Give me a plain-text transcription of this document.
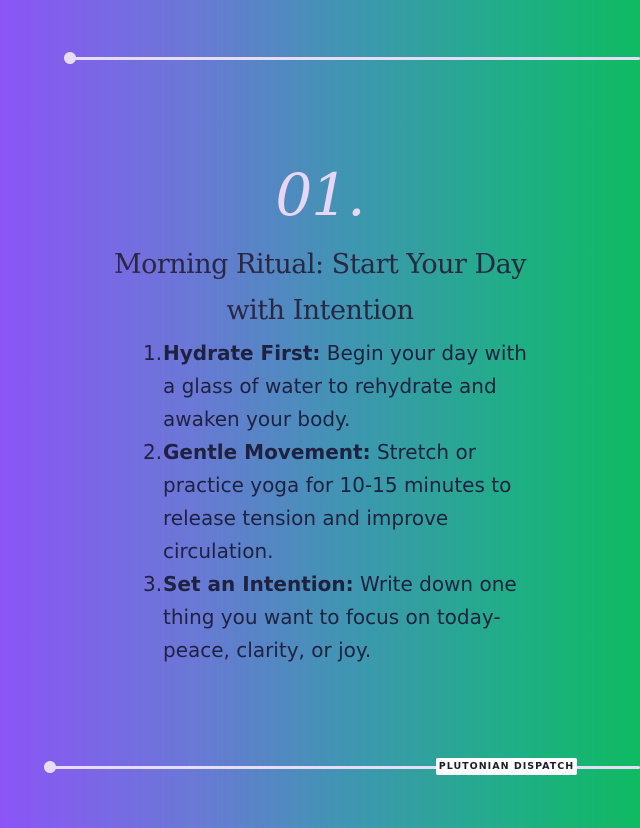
01.
Morning Ritual: Start Your Day
with Intention
1. Hydrate First: Begin your day with a glass of water to rehydrate and awaken your body.
2. Gentle Movement: Stretch or practice yoga for 10-15 minutes to release tension and improve circulation.
3. Set an Intention: Write down one thing you want to focus on today-peace, clarity, or joy.
PLUTONIAN DISPATCH
